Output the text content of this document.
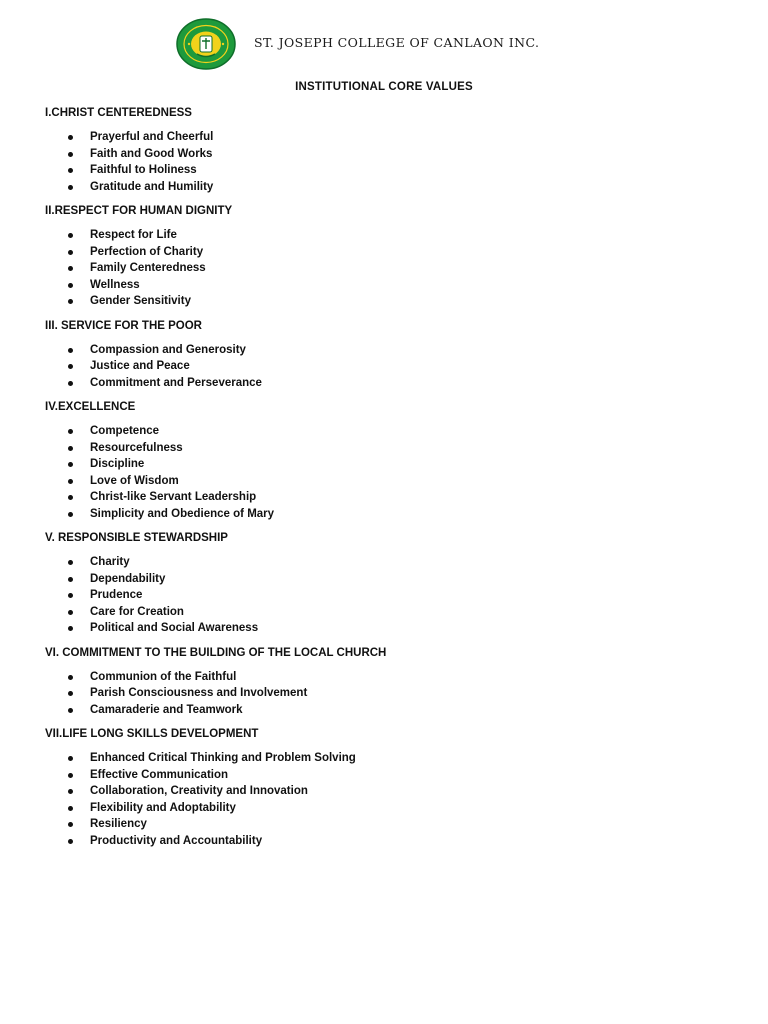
ST. JOSEPH COLLEGE OF CANLAON INC.
INSTITUTIONAL CORE VALUES
I.CHRIST CENTEREDNESS
Prayerful and Cheerful
Faith and Good Works
Faithful to Holiness
Gratitude and Humility
II.RESPECT FOR HUMAN DIGNITY
Respect for Life
Perfection of Charity
Family Centeredness
Wellness
Gender Sensitivity
III. SERVICE FOR THE POOR
Compassion and Generosity
Justice and Peace
Commitment and Perseverance
IV.EXCELLENCE
Competence
Resourcefulness
Discipline
Love of Wisdom
Christ-like Servant Leadership
Simplicity and Obedience of Mary
V. RESPONSIBLE STEWARDSHIP
Charity
Dependability
Prudence
Care for Creation
Political and Social Awareness
VI. COMMITMENT TO THE BUILDING OF THE LOCAL CHURCH
Communion of the Faithful
Parish Consciousness and Involvement
Camaraderie and Teamwork
VII.LIFE LONG SKILLS DEVELOPMENT
Enhanced Critical Thinking and Problem Solving
Effective Communication
Collaboration, Creativity and Innovation
Flexibility and Adoptability
Resiliency
Productivity and Accountability
